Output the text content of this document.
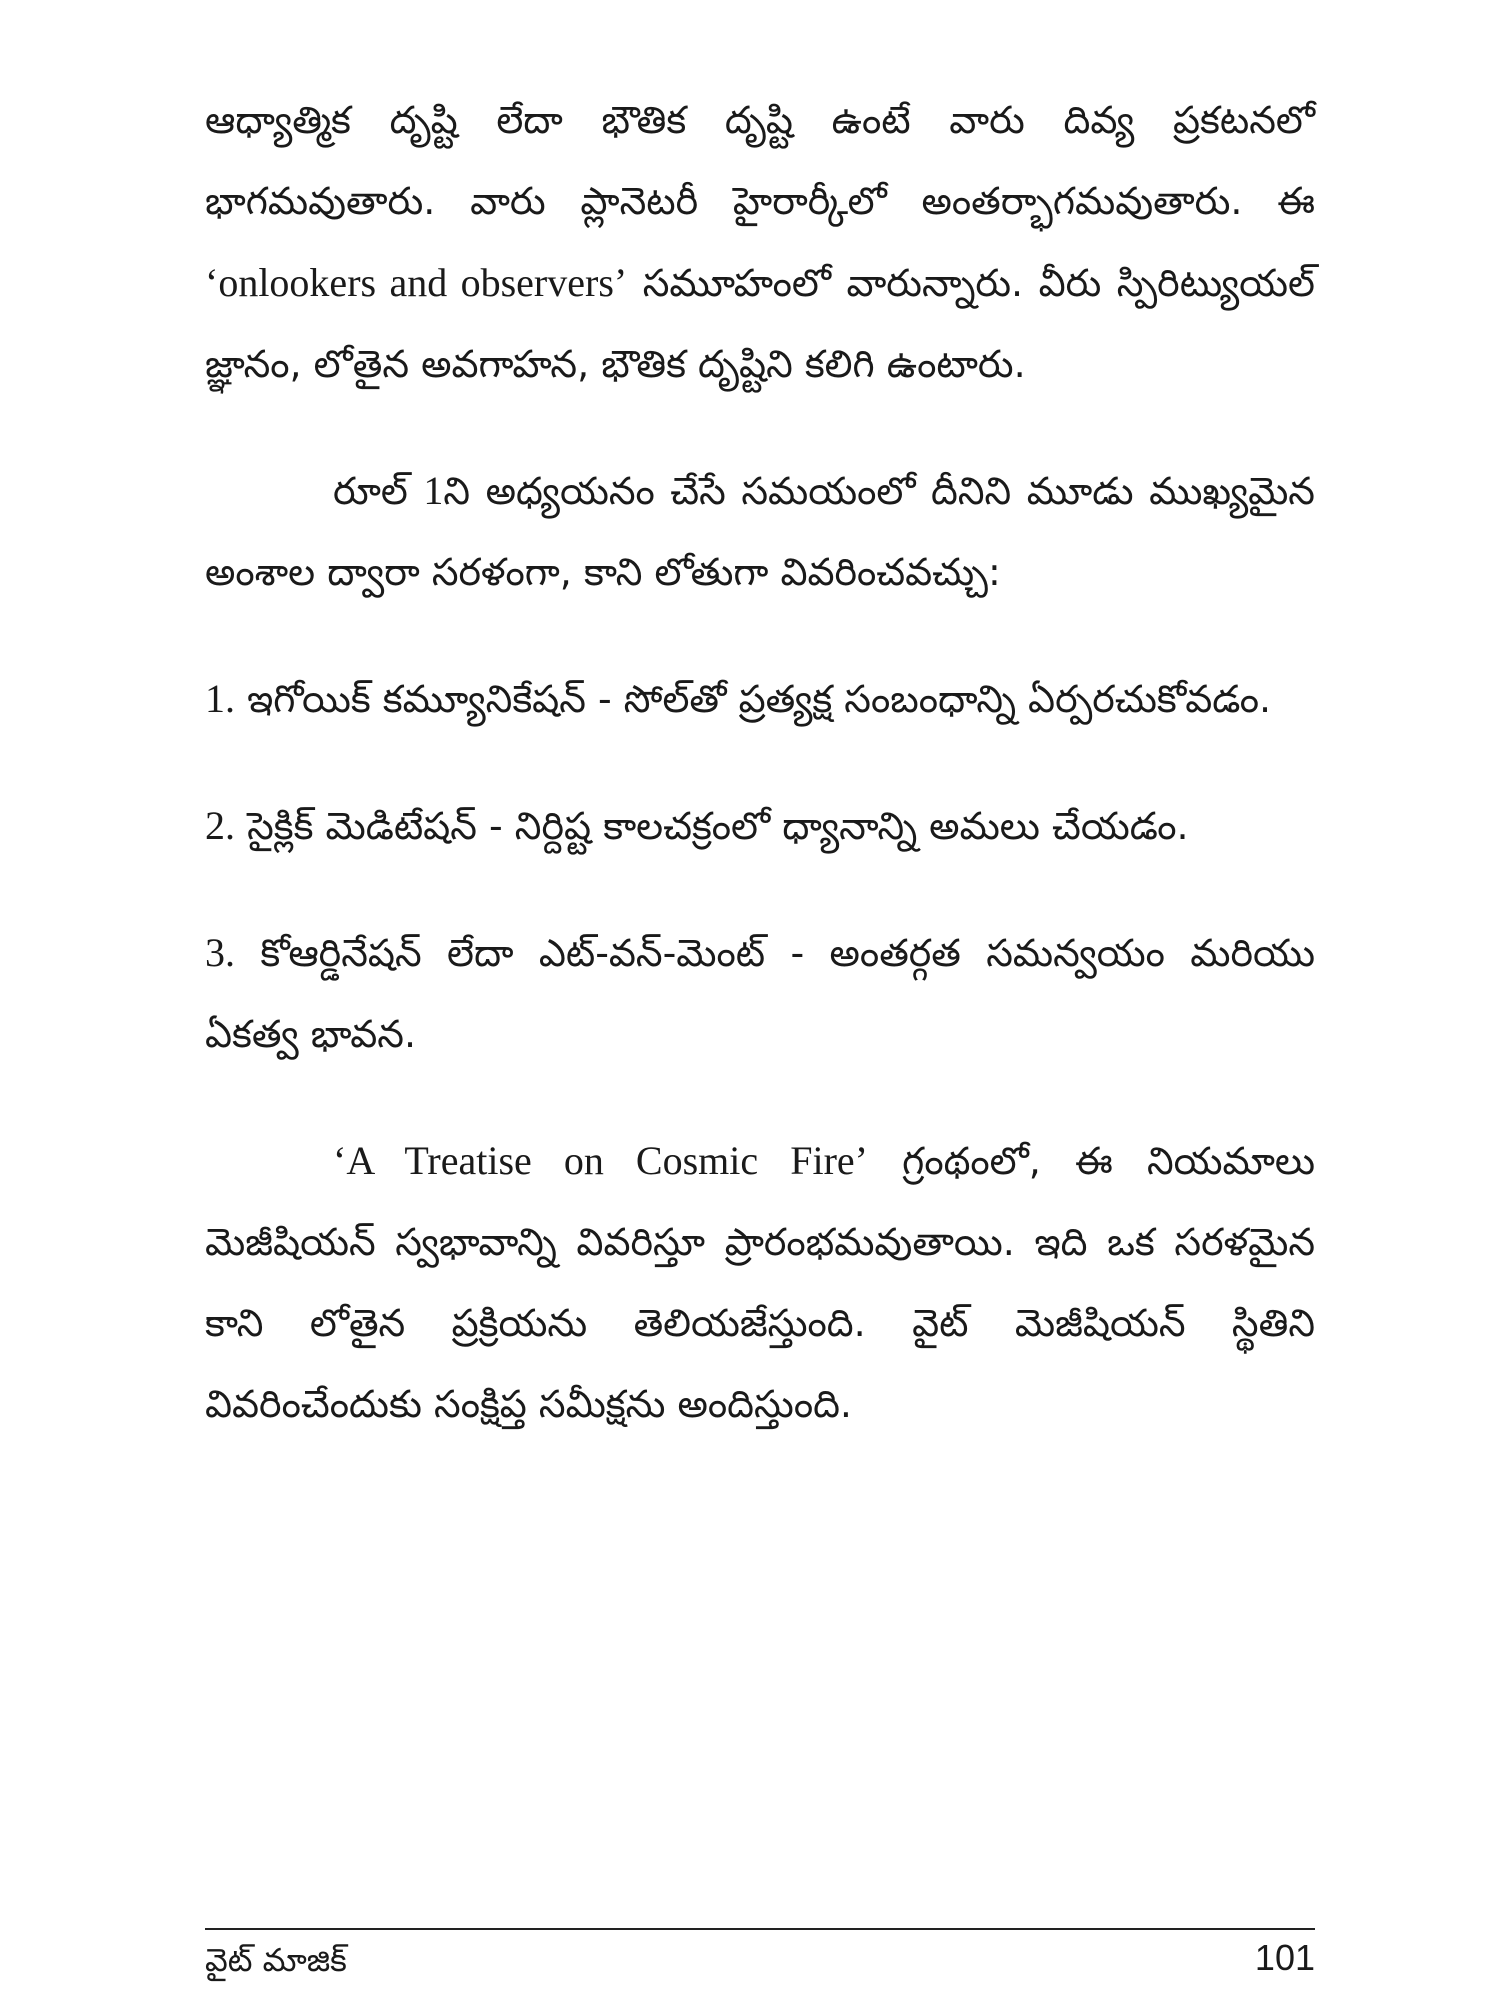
ఆధ్యాత్మిక దృష్టి లేదా భౌతిక దృష్టి ఉంటే వారు దివ్య ప్రకటనలో భాగమవుతారు. వారు ప్లానెటరీ హైరార్కీలో అంతర్భాగమవుతారు. ఈ ‘onlookers and observers’ సమూహంలో వారున్నారు. వీరు స్పిరిట్యుయల్ జ్ఞానం, లోతైన అవగాహన, భౌతిక దృష్టిని కలిగి ఉంటారు.

రూల్ 1ని అధ్యయనం చేసే సమయంలో దీనిని మూడు ముఖ్యమైన అంశాల ద్వారా సరళంగా, కాని లోతుగా వివరించవచ్చు:

1. ఇగోయిక్ కమ్యూనికేషన్ - సోల్‌తో ప్రత్యక్ష సంబంధాన్ని ఏర్పరచుకోవడం.

2. సైక్లిక్ మెడిటేషన్ - నిర్దిష్ట కాలచక్రంలో ధ్యానాన్ని అమలు చేయడం.

3. కోఆర్డినేషన్ లేదా ఎట్-వన్-మెంట్ - అంతర్గత సమన్వయం మరియు ఏకత్వ భావన.

‘A Treatise on Cosmic Fire’ గ్రంథంలో, ఈ నియమాలు మెజీషియన్ స్వభావాన్ని వివరిస్తూ ప్రారంభమవుతాయి. ఇది ఒక సరళమైన కాని లోతైన ప్రక్రియను తెలియజేస్తుంది. వైట్ మెజీషియన్ స్థితిని వివరించేందుకు సంక్షిప్త సమీక్షను అందిస్తుంది.

వైట్ మాజిక్	101
